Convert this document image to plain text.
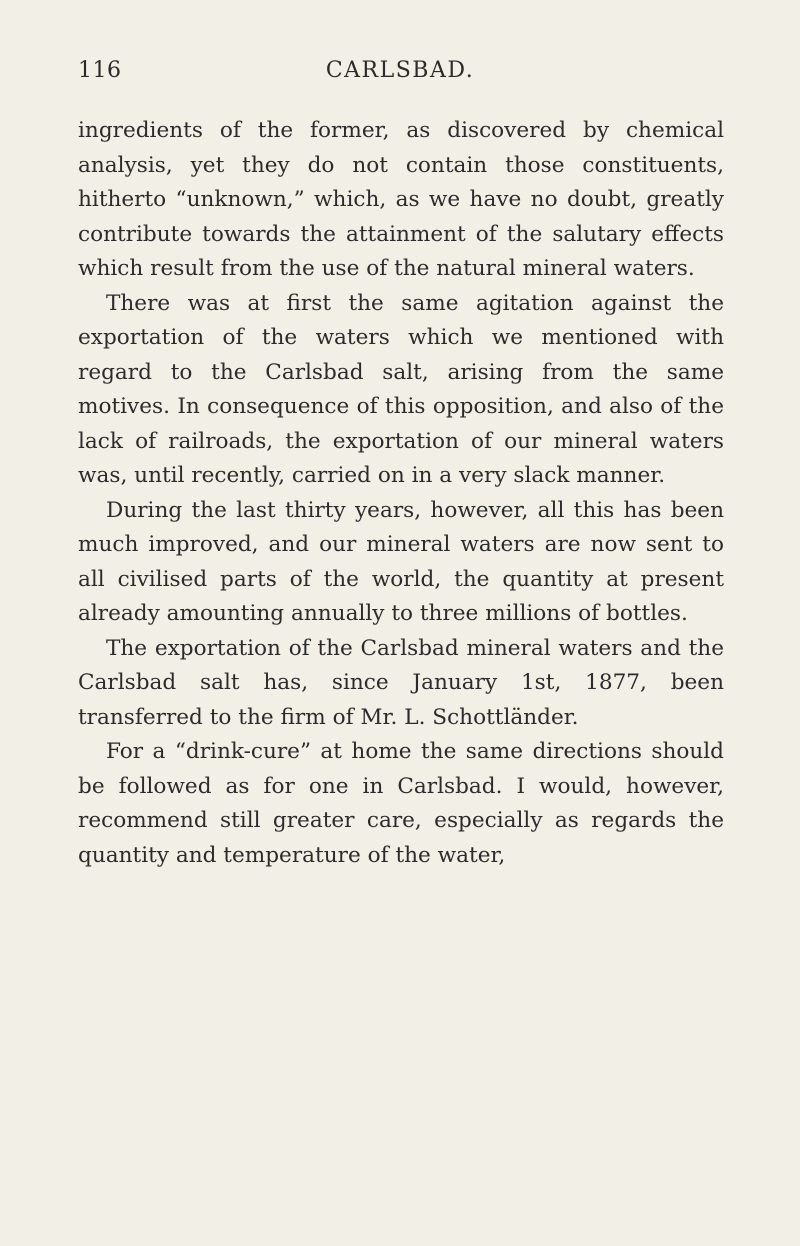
116	CARLSBAD.

ingredients of the former, as discovered by chemical analysis, yet they do not contain those constituents, hitherto “unknown,” which, as we have no doubt, greatly contribute towards the attainment of the salutary effects which result from the use of the natural mineral waters.

There was at first the same agitation against the exportation of the waters which we mentioned with regard to the Carlsbad salt, arising from the same motives. In consequence of this opposition, and also of the lack of railroads, the exportation of our mineral waters was, until recently, carried on in a very slack manner.

During the last thirty years, however, all this has been much improved, and our mineral waters are now sent to all civilised parts of the world, the quantity at present already amounting annually to three millions of bottles.

The exportation of the Carlsbad mineral waters and the Carlsbad salt has, since January 1st, 1877, been transferred to the firm of Mr. L. Schottländer.

For a “drink-cure” at home the same directions should be followed as for one in Carlsbad. I would, however, recommend still greater care, especially as regards the quantity and temperature of the water,
